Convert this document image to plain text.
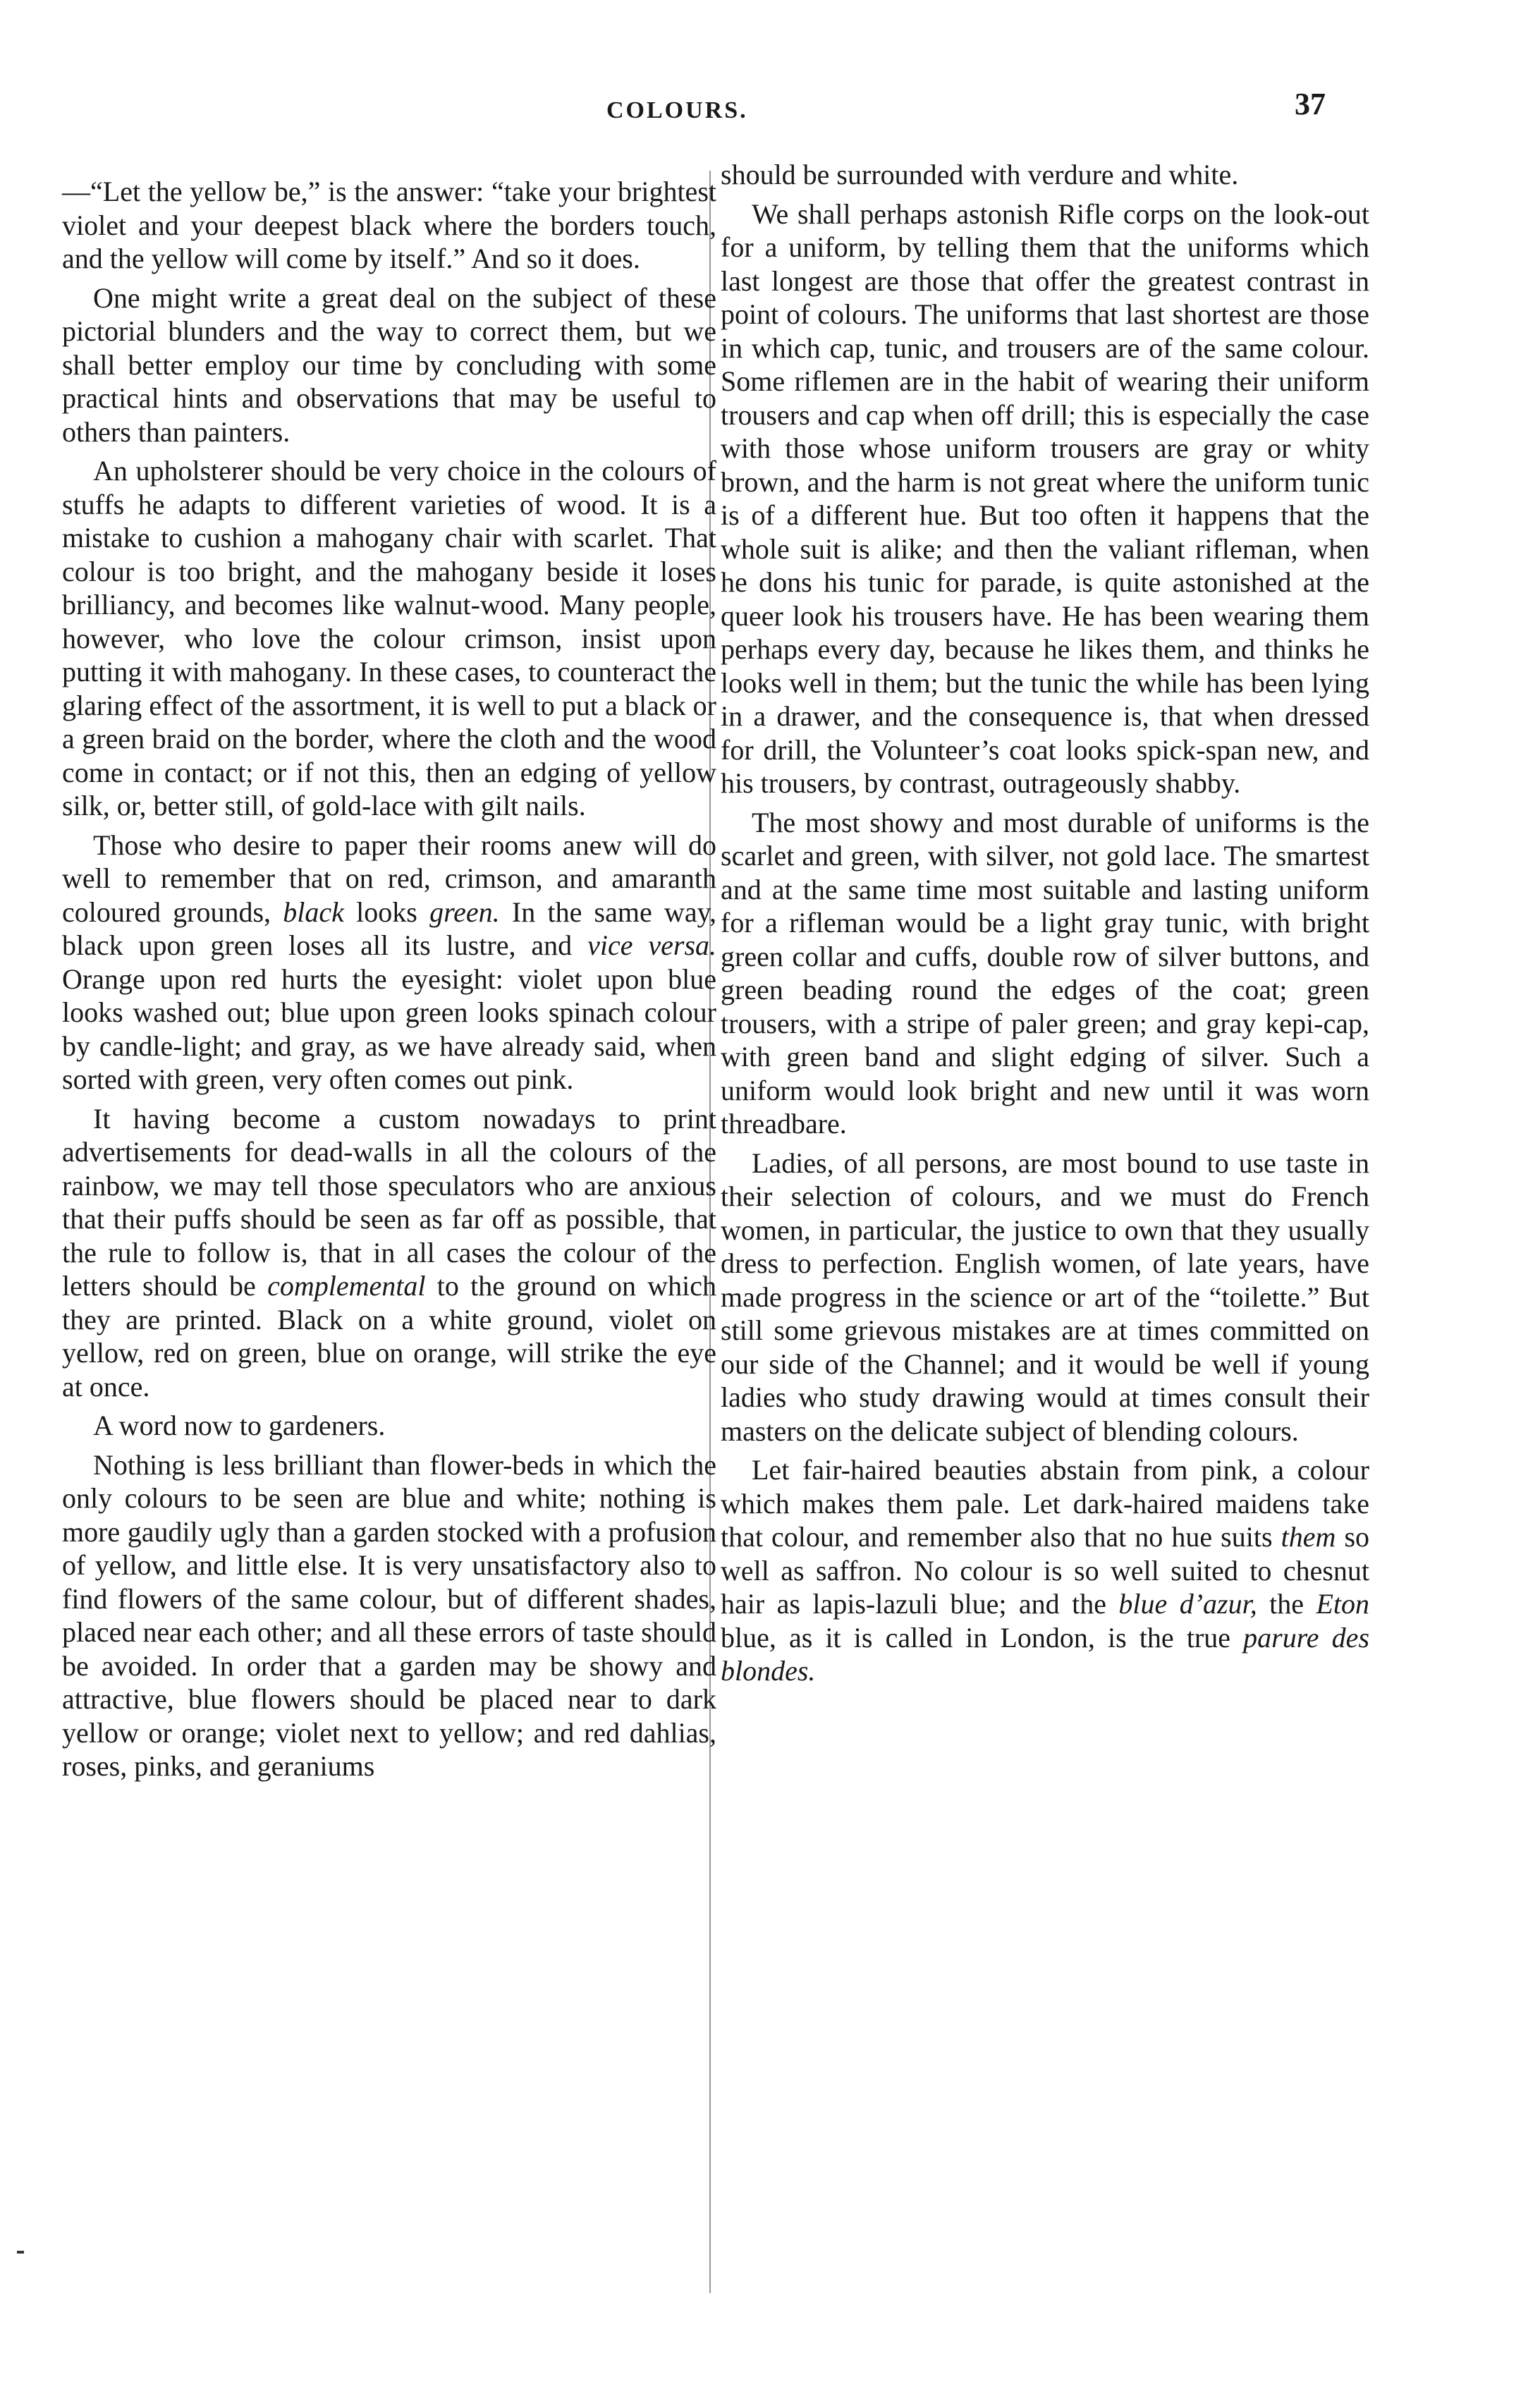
COLOURS.	37

—“Let the yellow be,” is the answer: “take your brightest violet and your deepest black where the borders touch, and the yellow will come by itself.” And so it does.

One might write a great deal on the subject of these pictorial blunders and the way to correct them, but we shall better employ our time by concluding with some practical hints and observations that may be useful to others than painters.

An upholsterer should be very choice in the colours of stuffs he adapts to different varieties of wood. It is a mistake to cushion a mahogany chair with scarlet. That colour is too bright, and the mahogany beside it loses brilliancy, and becomes like walnut-wood. Many people, however, who love the colour crimson, insist upon putting it with mahogany. In these cases, to counteract the glaring effect of the assortment, it is well to put a black or a green braid on the border, where the cloth and the wood come in contact; or if not this, then an edging of yellow silk, or, better still, of gold-lace with gilt nails.

Those who desire to paper their rooms anew will do well to remember that on red, crimson, and amaranth coloured grounds, black looks green. In the same way, black upon green loses all its lustre, and vice versa. Orange upon red hurts the eyesight: violet upon blue looks washed out; blue upon green looks spinach colour by candle-light; and gray, as we have already said, when sorted with green, very often comes out pink.

It having become a custom nowadays to print advertisements for dead-walls in all the colours of the rainbow, we may tell those speculators who are anxious that their puffs should be seen as far off as possible, that the rule to follow is, that in all cases the colour of the letters should be complemental to the ground on which they are printed. Black on a white ground, violet on yellow, red on green, blue on orange, will strike the eye at once.

A word now to gardeners.

Nothing is less brilliant than flower-beds in which the only colours to be seen are blue and white; nothing is more gaudily ugly than a garden stocked with a profusion of yellow, and little else. It is very unsatisfactory also to find flowers of the same colour, but of different shades, placed near each other; and all these errors of taste should be avoided. In order that a garden may be showy and attractive, blue flowers should be placed near to dark yellow or orange; violet next to yellow; and red dahlias, roses, pinks, and geraniums

should be surrounded with verdure and white.

We shall perhaps astonish Rifle corps on the look-out for a uniform, by telling them that the uniforms which last longest are those that offer the greatest contrast in point of colours. The uniforms that last shortest are those in which cap, tunic, and trousers are of the same colour. Some riflemen are in the habit of wearing their uniform trousers and cap when off drill; this is especially the case with those whose uniform trousers are gray or whity brown, and the harm is not great where the uniform tunic is of a different hue. But too often it happens that the whole suit is alike; and then the valiant rifleman, when he dons his tunic for parade, is quite astonished at the queer look his trousers have. He has been wearing them perhaps every day, because he likes them, and thinks he looks well in them; but the tunic the while has been lying in a drawer, and the consequence is, that when dressed for drill, the Volunteer’s coat looks spick-span new, and his trousers, by contrast, outrageously shabby.

The most showy and most durable of uniforms is the scarlet and green, with silver, not gold lace. The smartest and at the same time most suitable and lasting uniform for a rifleman would be a light gray tunic, with bright green collar and cuffs, double row of silver buttons, and green beading round the edges of the coat; green trousers, with a stripe of paler green; and gray kepi-cap, with green band and slight edging of silver. Such a uniform would look bright and new until it was worn threadbare.

Ladies, of all persons, are most bound to use taste in their selection of colours, and we must do French women, in particular, the justice to own that they usually dress to perfection. English women, of late years, have made progress in the science or art of the “toilette.” But still some grievous mistakes are at times committed on our side of the Channel; and it would be well if young ladies who study drawing would at times consult their masters on the delicate subject of blending colours.

Let fair-haired beauties abstain from pink, a colour which makes them pale. Let dark-haired maidens take that colour, and remember also that no hue suits them so well as saffron. No colour is so well suited to chesnut hair as lapis-lazuli blue; and the blue d’azur, the Eton blue, as it is called in London, is the true parure des blondes.
